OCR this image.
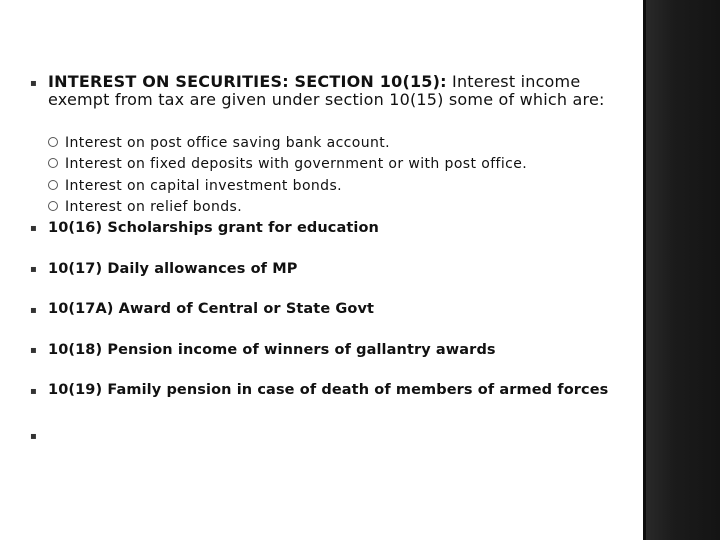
▪ INTEREST ON SECURITIES: SECTION 10(15): Interest income exempt from tax are given under section 10(15) some of which are:
Interest on post office saving bank account.
Interest on fixed deposits with government or with post office.
Interest on capital investment bonds.
Interest on relief bonds.
▪ 10(16) Scholarships grant for education
▪ 10(17) Daily allowances of MP
▪ 10(17A) Award of Central or State Govt
▪ 10(18) Pension income of winners of gallantry awards
▪ 10(19) Family pension in case of death of members of armed forces
▪
